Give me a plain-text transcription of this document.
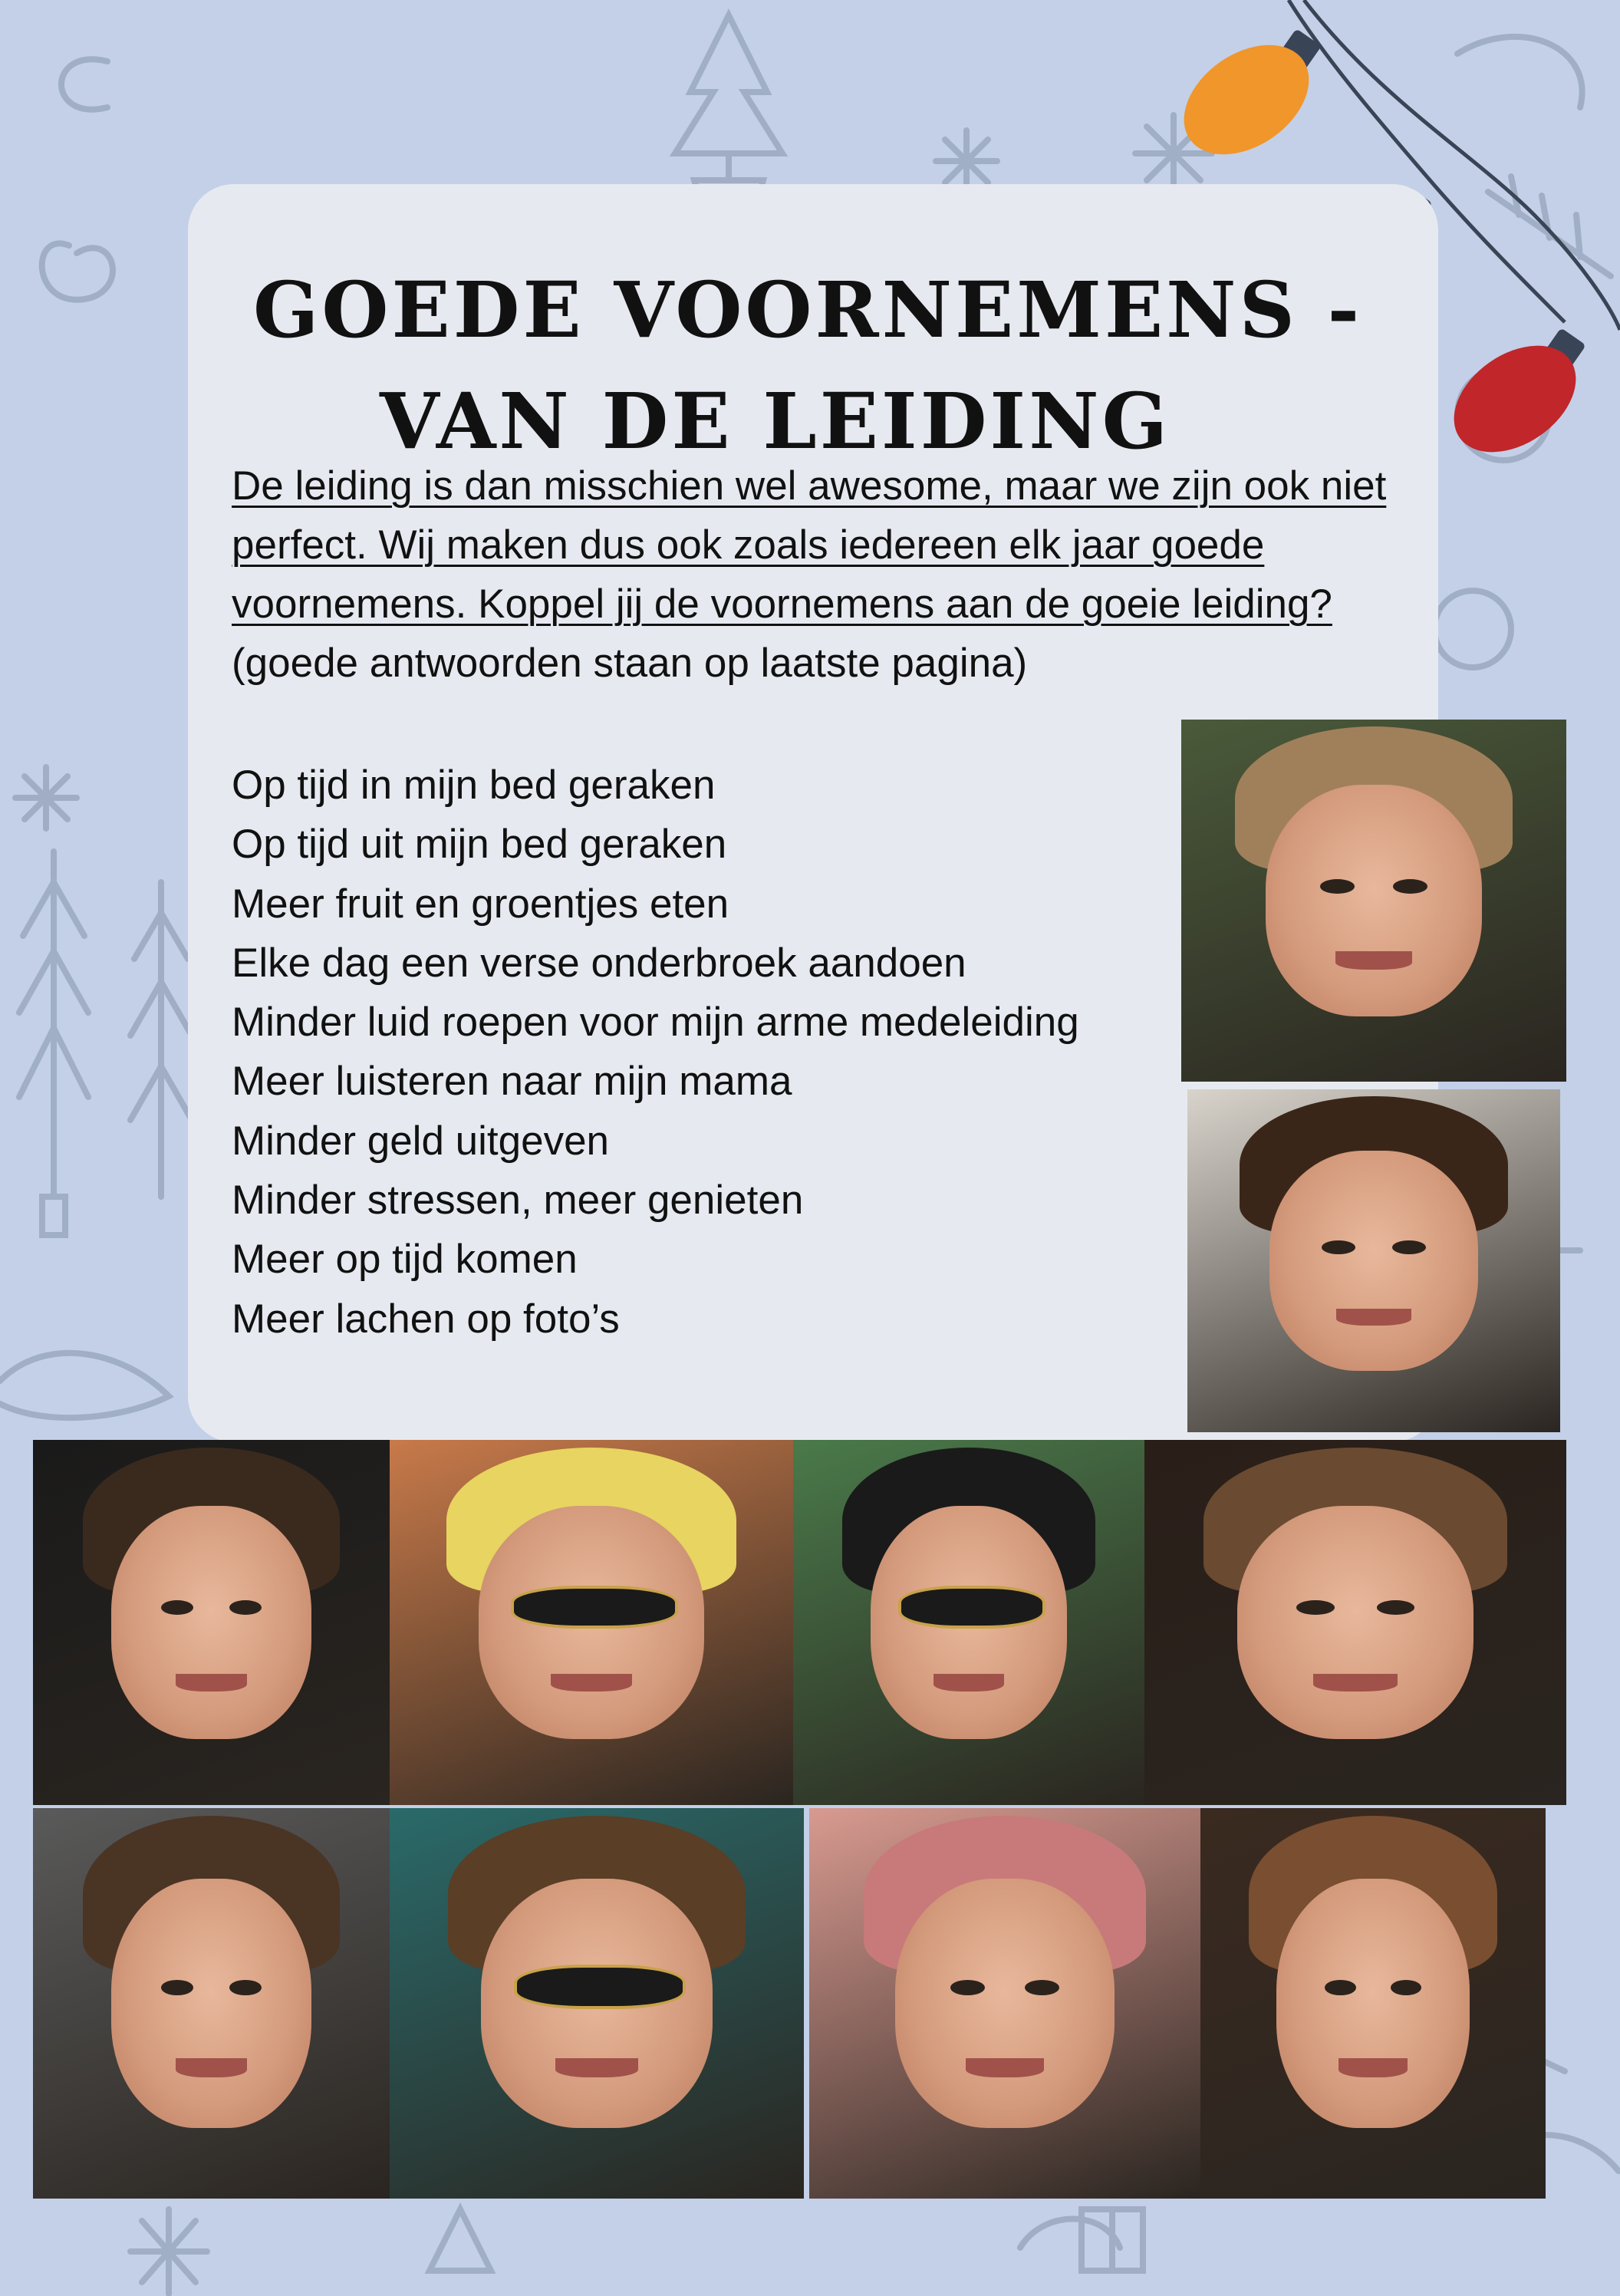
GOEDE VOORNEMENS -
VAN DE LEIDING

De leiding is dan misschien wel awesome, maar we zijn ook niet perfect. Wij maken dus ook zoals iedereen elk jaar goede voornemens. Koppel jij de voornemens aan de goeie leiding? (goede antwoorden staan op laatste pagina)

Op tijd in mijn bed geraken
Op tijd uit mijn bed geraken
Meer fruit en groentjes eten
Elke dag een verse onderbroek aandoen
Minder luid roepen voor mijn arme medeleiding
Meer luisteren naar mijn mama
Minder geld uitgeven
Minder stressen, meer genieten
Meer op tijd komen
Meer lachen op foto’s
